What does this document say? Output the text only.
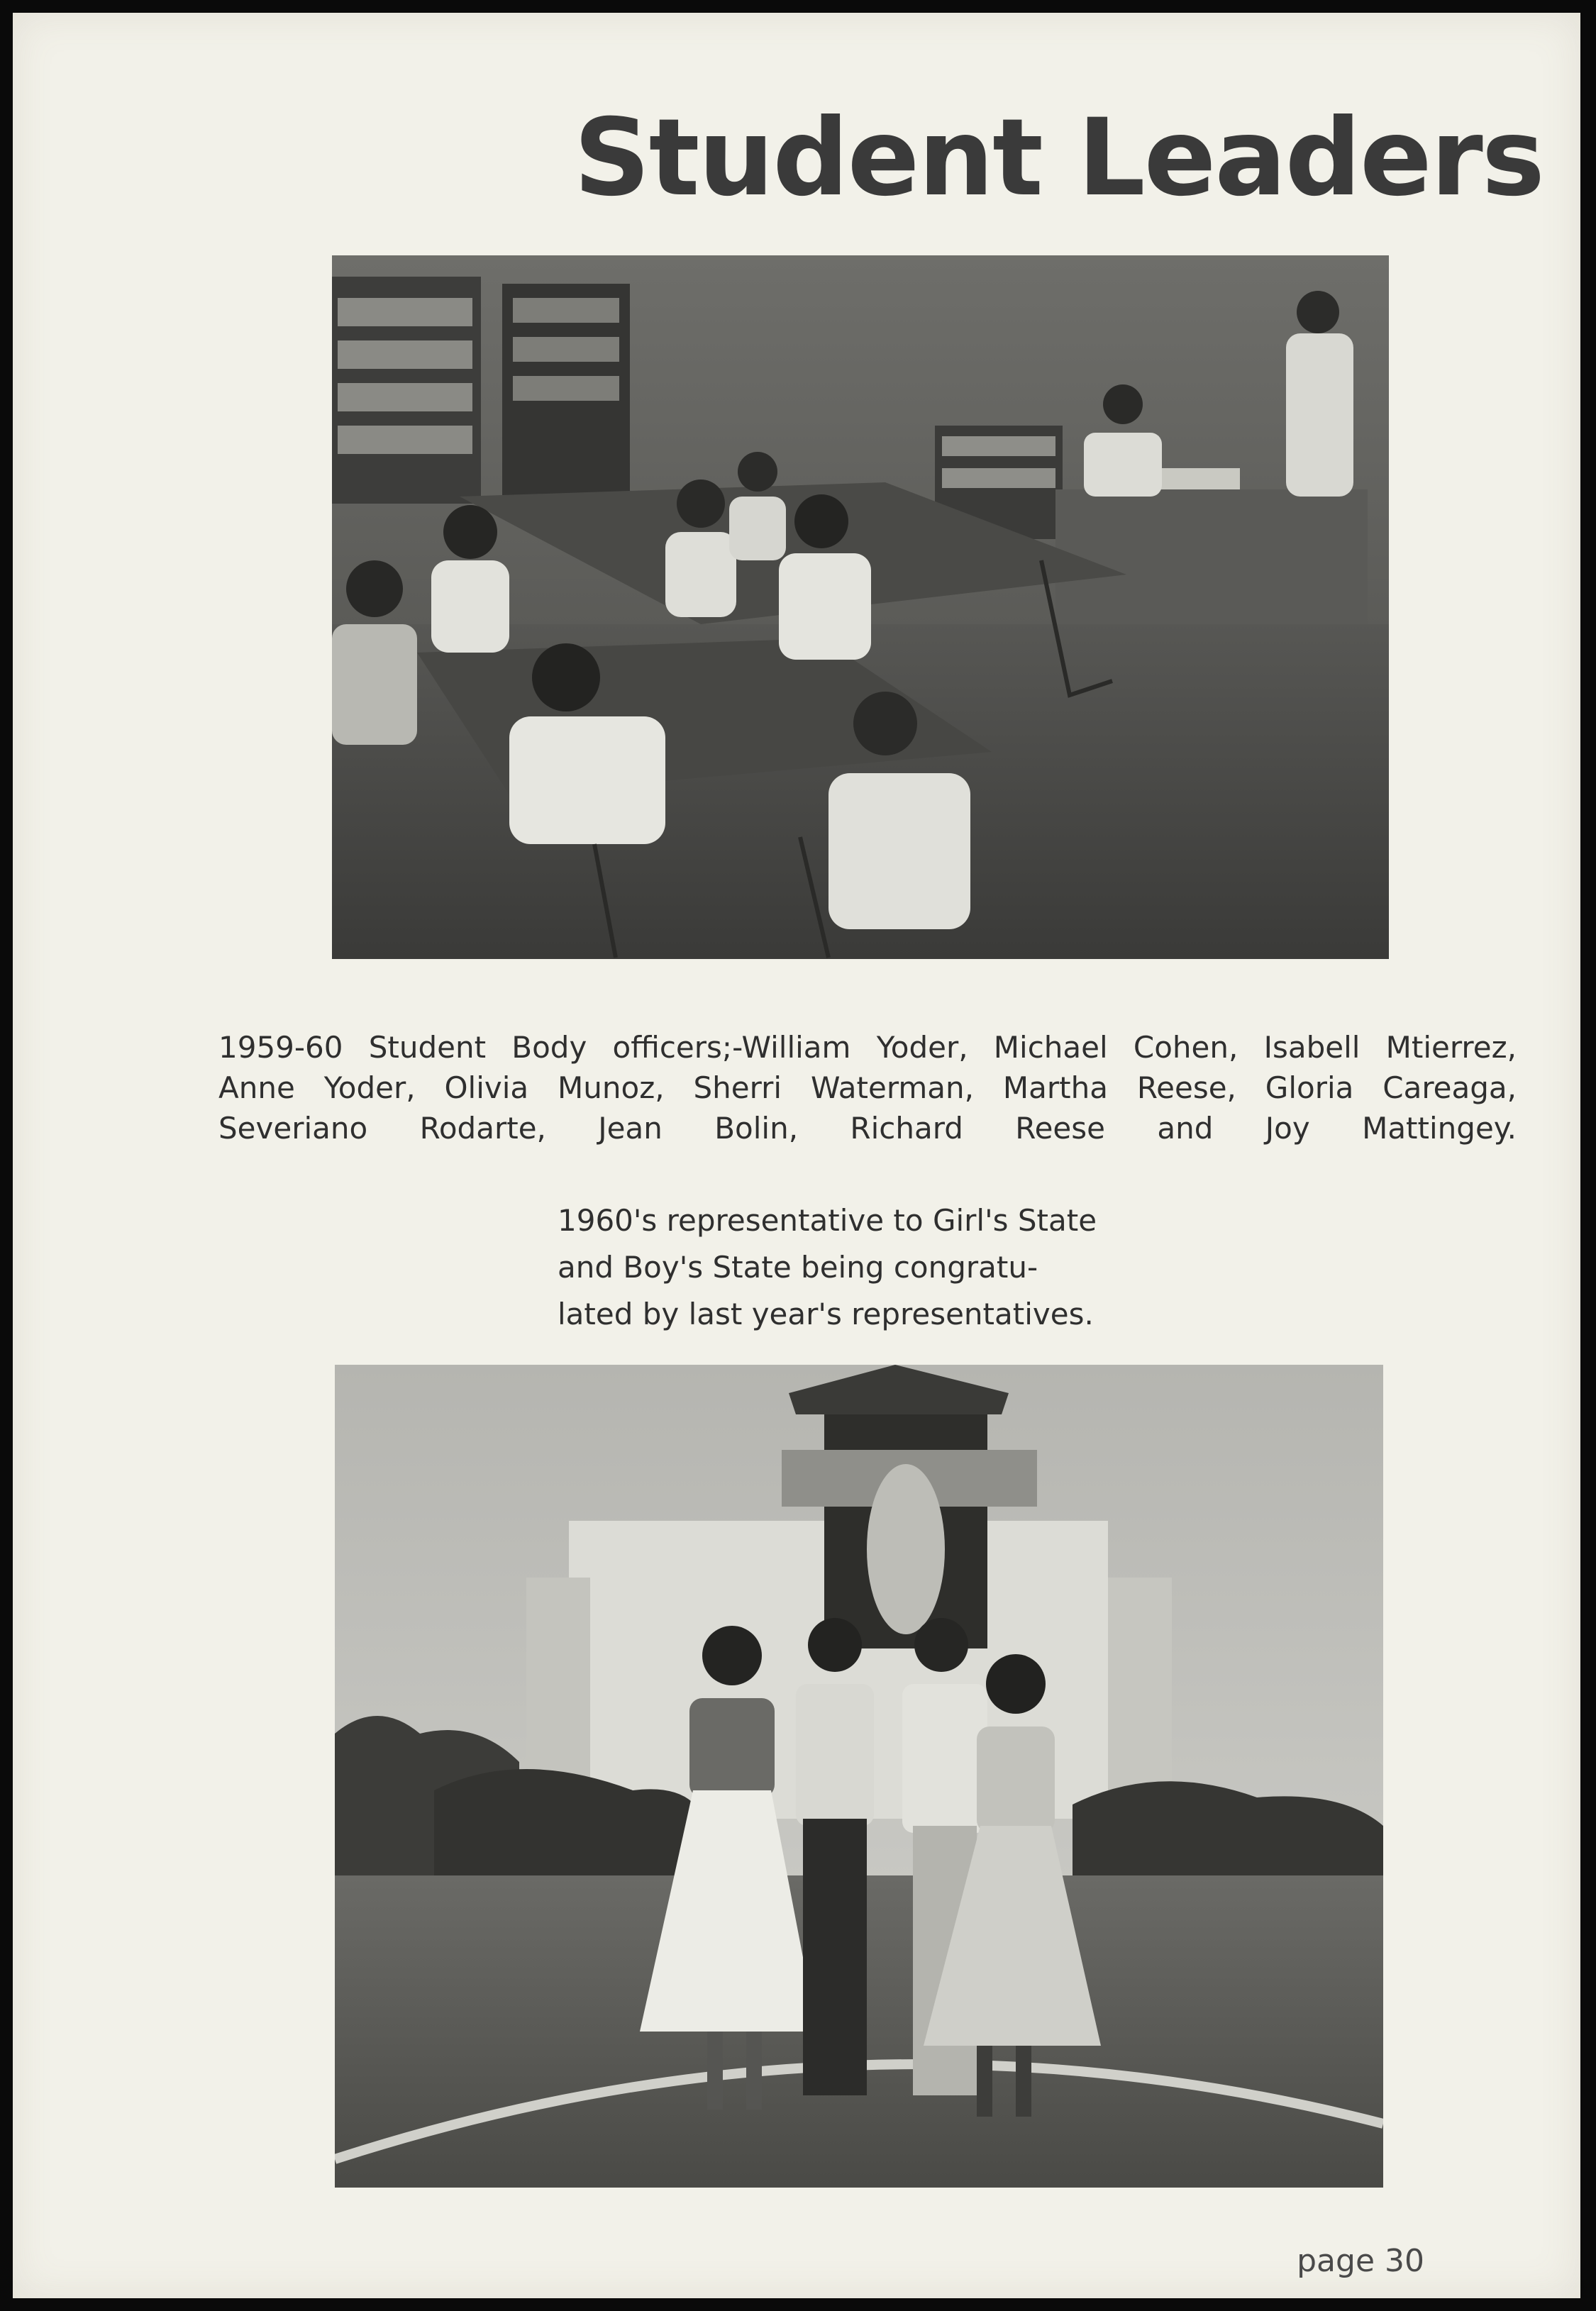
Student Leaders

1959-60 Student Body officers;-William Yoder, Michael Cohen, Isabell Mtierrez,
Anne Yoder, Olivia Munoz, Sherri Waterman, Martha Reese, Gloria Careaga,
Severiano Rodarte, Jean Bolin, Richard Reese and Joy Mattingey.

1960's representative to Girl's State
and Boy's State being congratu-
lated by last year's representatives.

page 30
